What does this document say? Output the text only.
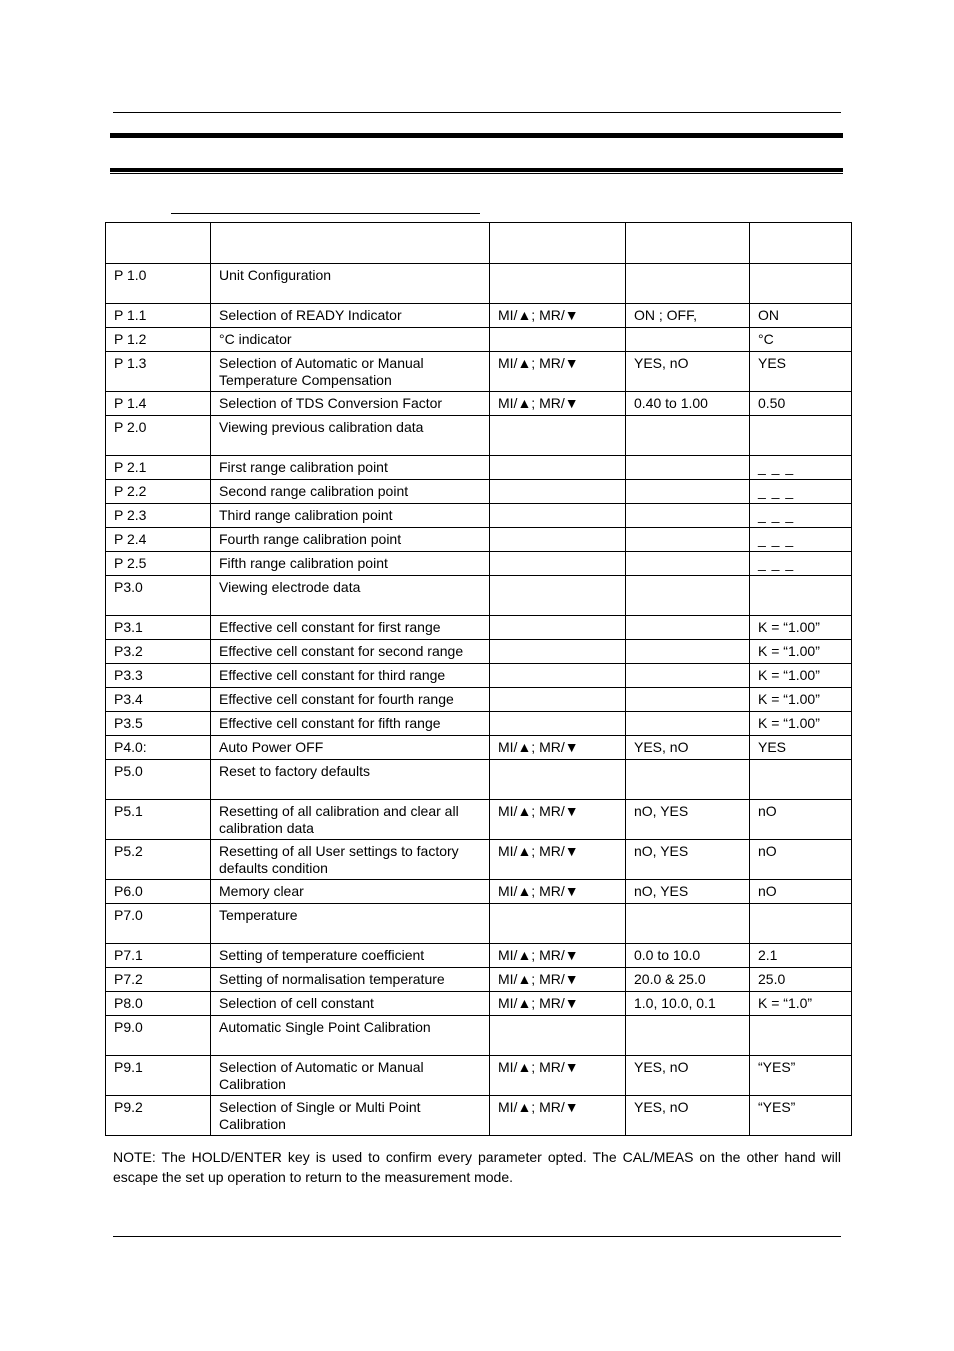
P 1.0	Unit Configuration			
P 1.1	Selection of READY Indicator	MI/▲; MR/▼	ON ; OFF,	ON
P 1.2	°C indicator			°C
P 1.3	Selection of Automatic or Manual Temperature Compensation	MI/▲; MR/▼	YES, nO	YES
P 1.4	Selection of TDS Conversion Factor	MI/▲; MR/▼	0.40 to 1.00	0.50
P 2.0	Viewing previous calibration data			
P 2.1	First range calibration point			_ _ _
P 2.2	Second range calibration point			_ _ _
P 2.3	Third range calibration point			_ _ _
P 2.4	Fourth range calibration point			_ _ _
P 2.5	Fifth range calibration point			_ _ _
P3.0	Viewing electrode data			
P3.1	Effective cell constant for first range			K = “1.00”
P3.2	Effective cell constant for second range			K = “1.00”
P3.3	Effective cell constant for third range			K = “1.00”
P3.4	Effective cell constant for fourth range			K = “1.00”
P3.5	Effective cell constant for fifth range			K = “1.00”
P4.0:	Auto Power OFF	MI/▲; MR/▼	YES, nO	YES
P5.0	Reset to factory defaults			
P5.1	Resetting of all calibration and clear all calibration data	MI/▲; MR/▼	nO, YES	nO
P5.2	Resetting of all User settings to factory defaults condition	MI/▲; MR/▼	nO, YES	nO
P6.0	Memory clear	MI/▲; MR/▼	nO, YES	nO
P7.0	Temperature			
P7.1	Setting of temperature coefficient	MI/▲; MR/▼	0.0 to 10.0	2.1
P7.2	Setting of normalisation temperature	MI/▲; MR/▼	20.0 & 25.0	25.0
P8.0	Selection of cell constant	MI/▲; MR/▼	1.0, 10.0, 0.1	K = “1.0”
P9.0	Automatic Single Point Calibration			
P9.1	Selection of Automatic or Manual Calibration	MI/▲; MR/▼	YES, nO	“YES”
P9.2	Selection of Single or Multi Point Calibration	MI/▲; MR/▼	YES, nO	“YES”
NOTE: The HOLD/ENTER key is used to confirm every parameter opted. The CAL/MEAS on the other hand will escape the set up operation to return to the measurement mode.
